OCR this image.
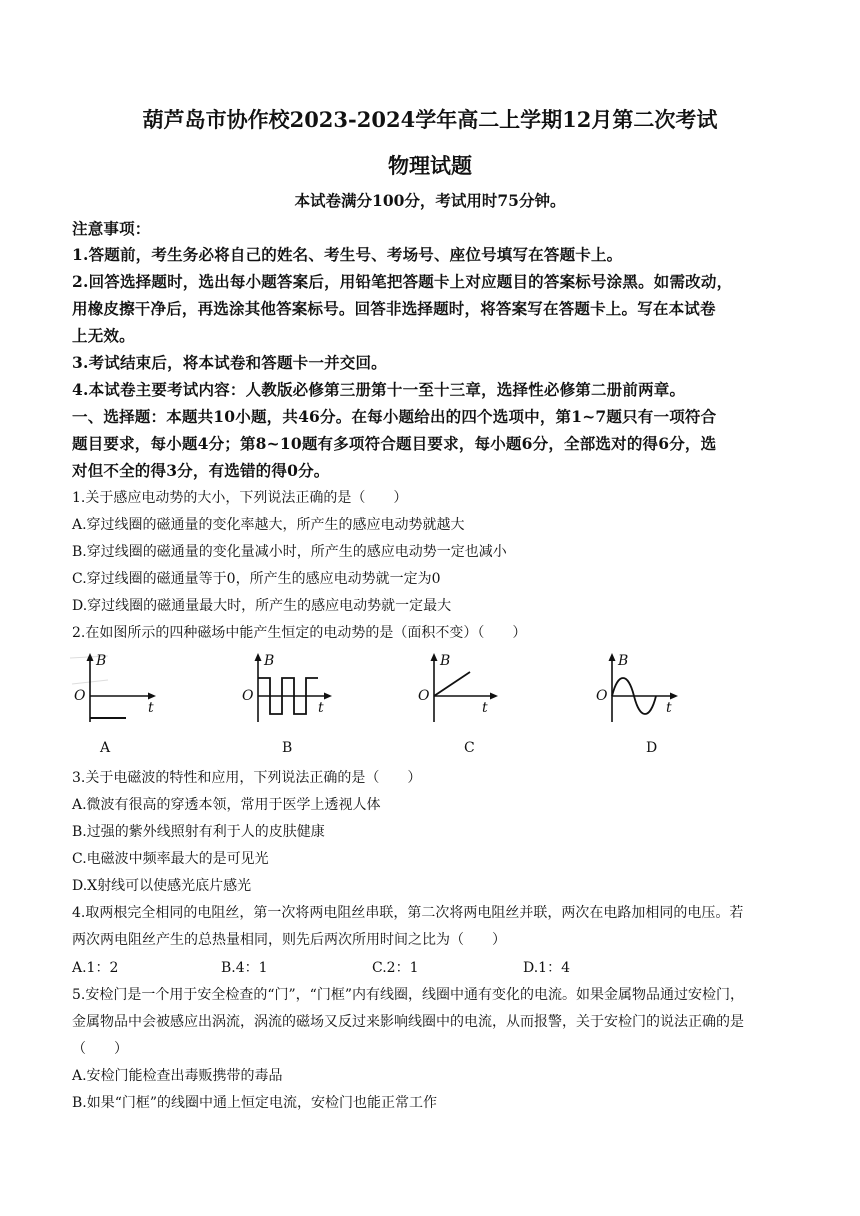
葫芦岛市协作校2023-2024学年高二上学期12月第二次考试
物理试题
本试卷满分100分，考试用时75分钟。
注意事项：
1.答题前，考生务必将自己的姓名、考生号、考场号、座位号填写在答题卡上。
2.回答选择题时，选出每小题答案后，用铅笔把答题卡上对应题目的答案标号涂黑。如需改动，
用橡皮擦干净后，再选涂其他答案标号。回答非选择题时，将答案写在答题卡上。写在本试卷
上无效。
3.考试结束后，将本试卷和答题卡一并交回。
4.本试卷主要考试内容：人教版必修第三册第十一至十三章，选择性必修第二册前两章。
一、选择题：本题共10小题，共46分。在每小题给出的四个选项中，第1~7题只有一项符合
题目要求，每小题4分；第8~10题有多项符合题目要求，每小题6分，全部选对的得6分，选
对但不全的得3分，有选错的得0分。
1.关于感应电动势的大小，下列说法正确的是（　　）
A.穿过线圈的磁通量的变化率越大，所产生的感应电动势就越大
B.穿过线圈的磁通量的变化量减小时，所产生的感应电动势一定也减小
C.穿过线圈的磁通量等于0，所产生的感应电动势就一定为0
D.穿过线圈的磁通量最大时，所产生的感应电动势就一定最大
2.在如图所示的四种磁场中能产生恒定的电动势的是（面积不变）（　　）
B
O
t
B
O
t
B
O
t
B
O
t
A	B	C	D
3.关于电磁波的特性和应用，下列说法正确的是（　　）
A.微波有很高的穿透本领，常用于医学上透视人体
B.过强的紫外线照射有利于人的皮肤健康
C.电磁波中频率最大的是可见光
D.X射线可以使感光底片感光
4.取两根完全相同的电阻丝，第一次将两电阻丝串联，第二次将两电阻丝并联，两次在电路加相同的电压。若
两次两电阻丝产生的总热量相同，则先后两次所用时间之比为（　　）
A.1：2	B.4：1	C.2：1	D.1：4
5.安检门是一个用于安全检查的“门”，“门框”内有线圈，线圈中通有变化的电流。如果金属物品通过安检门，
金属物品中会被感应出涡流，涡流的磁场又反过来影响线圈中的电流，从而报警，关于安检门的说法正确的是
（　　）
A.安检门能检查出毒贩携带的毒品
B.如果“门框”的线圈中通上恒定电流，安检门也能正常工作
